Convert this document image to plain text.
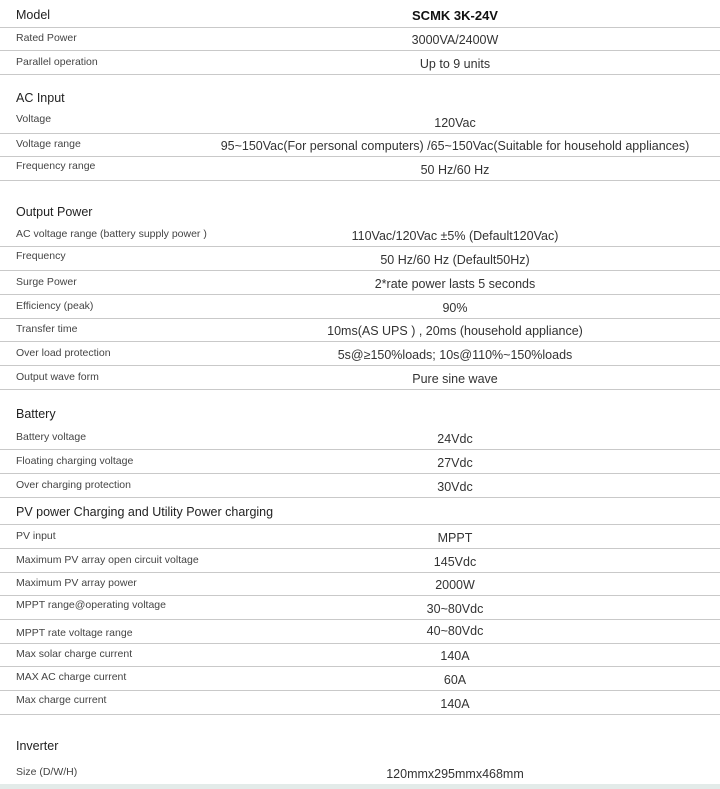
Model	SCMK 3K-24V
Rated Power	3000VA/2400W
Parallel operation	Up to 9 units
AC Input
Voltage	120Vac
Voltage range	95~150Vac(For personal computers) /65~150Vac(Suitable for household appliances)
Frequency range	50 Hz/60 Hz
Output Power
AC voltage range (battery supply power )	110Vac/120Vac ±5% (Default120Vac)
Frequency	50 Hz/60 Hz (Default50Hz)
Surge Power	2*rate power lasts 5 seconds
Efficiency (peak)	90%
Transfer time	10ms(AS UPS ) , 20ms (household appliance)
Over load protection	5s@≥150%loads; 10s@110%~150%loads
Output wave form	Pure sine wave
Battery
Battery voltage	24Vdc
Floating charging voltage	27Vdc
Over charging protection	30Vdc
PV power Charging and Utility Power charging
PV input	MPPT
Maximum PV array open circuit voltage	145Vdc
Maximum PV array power	2000W
MPPT range@operating voltage	30~80Vdc
MPPT rate voltage range	40~80Vdc
Max solar charge current	140A
MAX AC charge current	60A
Max charge current	140A
Inverter
Size (D/W/H)	120mmx295mmx468mm
